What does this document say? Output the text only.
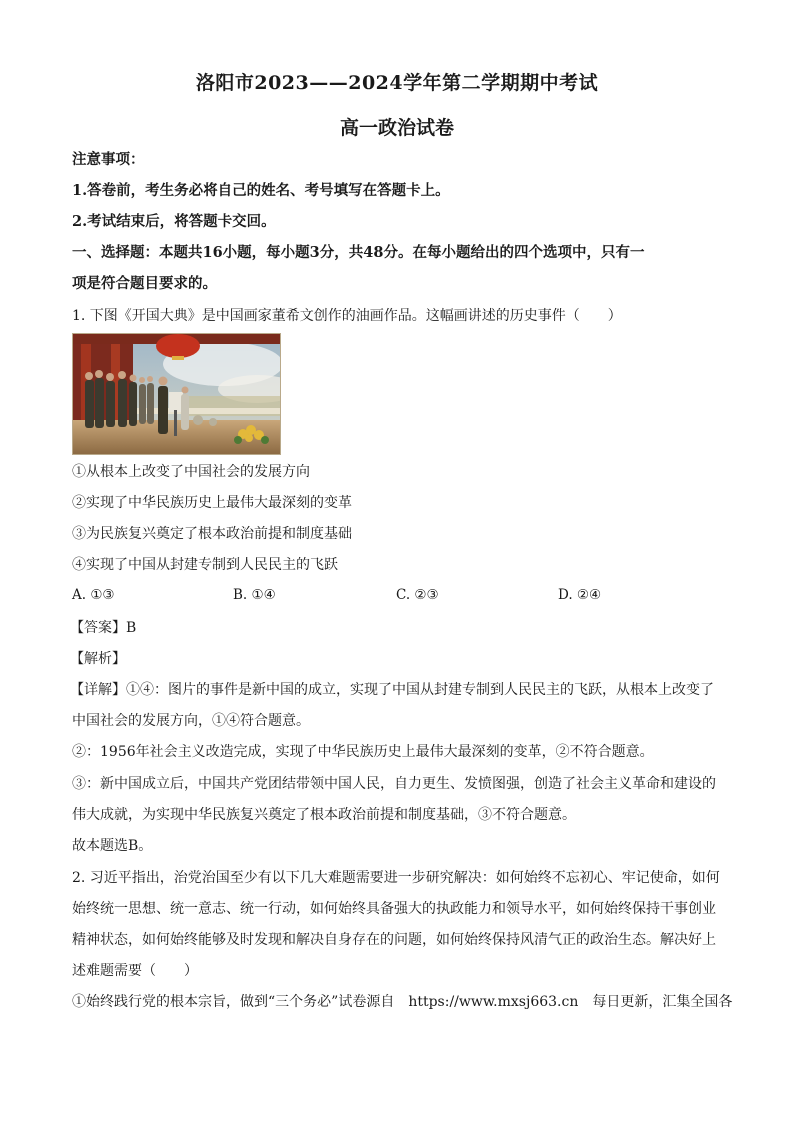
洛阳市2023——2024学年第二学期期中考试
高一政治试卷
注意事项：
1.答卷前，考生务必将自己的姓名、考号填写在答题卡上。
2.考试结束后，将答题卡交回。
一、选择题：本题共16小题，每小题3分，共48分。在每小题给出的四个选项中，只有一
项是符合题目要求的。
1. 下图《开国大典》是中国画家董希文创作的油画作品。这幅画讲述的历史事件（　　）
①从根本上改变了中国社会的发展方向
②实现了中华民族历史上最伟大最深刻的变革
③为民族复兴奠定了根本政治前提和制度基础
④实现了中国从封建专制到人民民主的飞跃
A. ①③	B. ①④	C. ②③	D. ②④
【答案】B
【解析】
【详解】①④：图片的事件是新中国的成立，实现了中国从封建专制到人民民主的飞跃，从根本上改变了
中国社会的发展方向，①④符合题意。
②：1956年社会主义改造完成，实现了中华民族历史上最伟大最深刻的变革，②不符合题意。
③：新中国成立后，中国共产党团结带领中国人民，自力更生、发愤图强，创造了社会主义革命和建设的
伟大成就，为实现中华民族复兴奠定了根本政治前提和制度基础，③不符合题意。
故本题选B。
2. 习近平指出，治党治国至少有以下几大难题需要进一步研究解决：如何始终不忘初心、牢记使命，如何
始终统一思想、统一意志、统一行动，如何始终具备强大的执政能力和领导水平，如何始终保持干事创业
精神状态，如何始终能够及时发现和解决自身存在的问题，如何始终保持风清气正的政治生态。解决好上
述难题需要（　　）
①始终践行党的根本宗旨，做到“三个务必”试卷源自　https://www.mxsj663.cn　每日更新，汇集全国各
